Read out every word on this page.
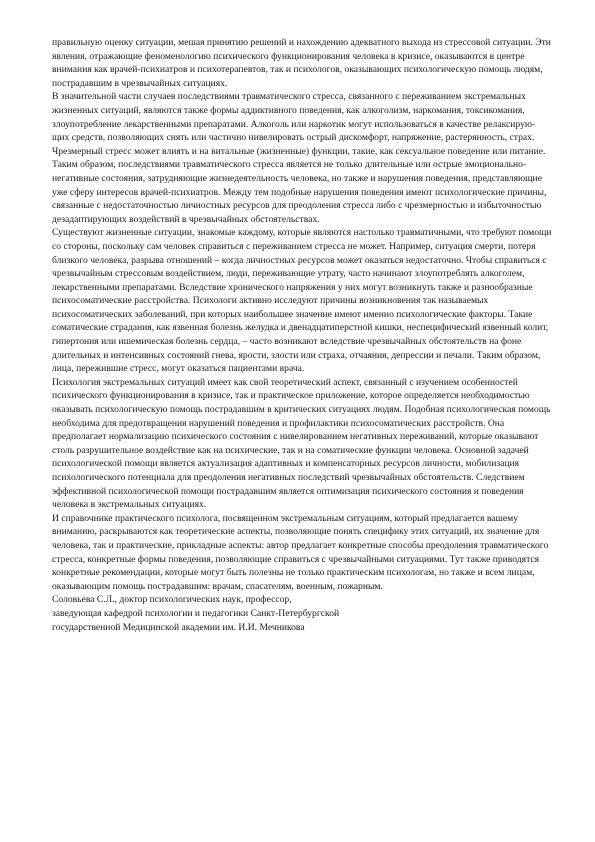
правильную оценку ситуации, мешая принятию решений и нахождению адекватного выхода из стрессовой ситуации. Эти явления, отражающие феноменологию психического функционирования человека в кризисе, оказываются в центре внимания как врачей-психиатров и психотерапевтов, так и психологов, оказывающих психологическую помощь людям, пострадавшим в чрезвычайных ситуациях.

В значительной части случаев последствиями травматического стресса, связанного с переживанием экстремальных жизненных ситуаций, являются также формы аддиктивного поведения, как алкоголизм, наркомания, токсикомания, злоупотребление лекарственными препаратами. Алкоголь или наркотик могут использоваться в качестве релаксирую-щих средств, позволяющих снять или частично нивелировать острый дискомфорт, напряжение, растерянность, страх. Чрезмерный стресс может влиять и на витальные (жизненные) функции, такие, как сексуальное поведение или питание. Таким образом, последствиями травматического стресса является не только длительные или острые эмоционально-негативные состояния, затрудняющие жизнедеятельность человека, но также и нарушения поведения, представляющие уже сферу интересов врачей-психиатров. Между тем подобные нарушения поведения имеют психологические причины, связанные с недостаточностью личностных ресурсов для преодоления стресса либо с чрезмерностью и избыточностью дезадаптирующих воздействий в чрезвычайных обстоятельствах.

Существуют жизненные ситуации, знакомые каждому, которые являются настолько травматичными, что требуют помощи со стороны, поскольку сам человек справиться с переживанием стресса не может. Например, ситуация смерти, потеря близкого человека, разрыва отношений – когда личностных ресурсов может оказаться недостаточно. Чтобы справиться с чрезвычайным стрессовым воздействием, люди, переживающие утрату, часто начинают злоупотреблять алкоголем, лекарственными препаратами. Вследствие хронического напряжения у них могут возникнуть также и разнообразные психосоматические расстройства. Психологи активно исследуют причины возникновения так называемых психосоматических заболеваний, при которых наибольшее значение имеют именно психологические факторы. Такие соматические страдания, как язвенная болезнь желудка и двенадцатиперстной кишки, неспецифический язвенный колит, гипертония или ишемическая болезнь сердца, – часто возникают вследствие чрезвычайных обстоятельств на фоне длительных и интенсивных состояний гнева, ярости, злости или страха, отчаяния, депрессии и печали. Таким образом, лица, пережившие стресс, могут оказаться пациентами врача.

Психология экстремальных ситуаций имеет как свой теоретический аспект, связанный с изучением особенностей психического функционирования в кризисе, так и практическое приложение, которое определяется необходимостью оказывать психологическую помощь пострадавшим в критических ситуациях людям. Подобная психологическая помощь необходима для предотвращения нарушений поведения и профилактики психосоматических расстройств. Она предполагает нормализацию психического состояния с нивелированием негативных переживаний, которые оказывают столь разрушительное воздействие как на психические, так и на соматические функции человека. Основной задачей психологической помощи является актуализация адаптивных и компенсаторных ресурсов личности, мобилизация психологического потенциала для преодоления негативных последствий чрезвычайных обстоятельств. Следствием эффективной психологической помощи пострадавшим является оптимизация психического состояния и поведения человека в экстремальных ситуациях.

И справочнике практического психолога, посвященном экстремальным ситуациям, который предлагается вашему вниманию, раскрываются как теоретические аспекты, позволяющие понять специфику этих ситуаций, их значение для человека, так и практические, прикладные аспекты: автор предлагает конкретные способы преодоления травматического стресса, конкретные формы поведения, позволяющие справиться с чрезвычайными ситуациями. Тут также приводятся конкретные рекомендации, которые могут быть полезны не только практическим психологам, но также и всем лицам, оказывающим помощь пострадавшим: врачам, спасателям, военным, пожарным.

Соловьева С.Л., доктор психологических наук, профессор,

заведующая кафедрой психологии и педагогики Санкт-Петербургской

государственной Медицинской академии им. И.И. Мечникова
